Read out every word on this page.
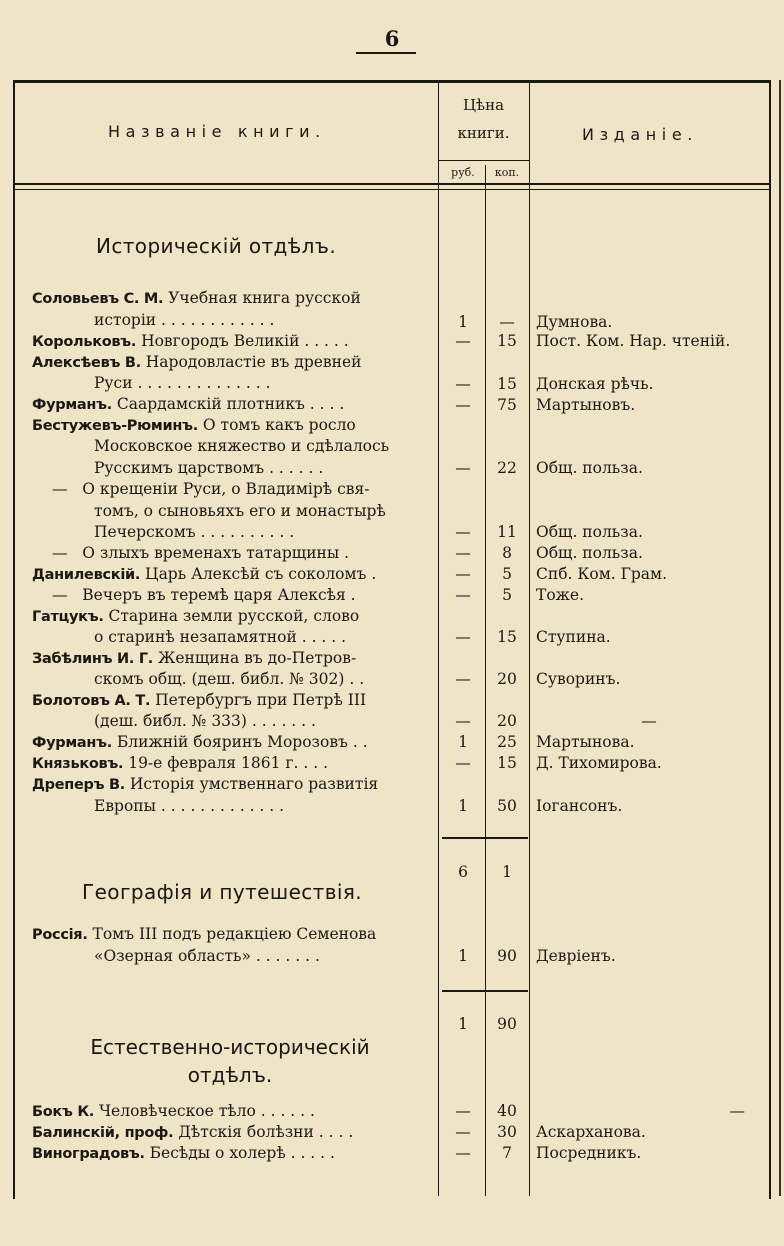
6
Названіе книги.
Цѣна
книги.
руб.	коп.
Изданіе.
Историческій отдѣлъ.
Соловьевъ С. М. Учебная книга русской
исторіи . . . . . . . . . . . .	1	—	Думнова.
Корольковъ. Новгородъ Великій . . . . .	—	15	Пост. Ком. Нар. чтеній.
Алексѣевъ В. Народовластіе въ древней
Руси . . . . . . . . . . . . . .	—	15	Донская рѣчь.
Фурманъ. Саардамскій плотникъ . . . .	—	75	Мартыновъ.
Бестужевъ-Рюминъ. О томъ какъ росло
Московское княжество и сдѣлалось
Русскимъ царствомъ . . . . . .	—	22	Общ. польза.
— О крещеніи Руси, о Владимірѣ свя-
томъ, о сыновьяхъ его и монастырѣ
Печерскомъ . . . . . . . . . .	—	11	Общ. польза.
— О злыхъ временахъ татарщины .	—	8	Общ. польза.
Данилевскій. Царь Алексѣй съ соколомъ .	—	5	Спб. Ком. Грам.
— Вечеръ въ теремѣ царя Алексѣя .	—	5	Тоже.
Гатцукъ. Старина земли русской, слово
о старинѣ незапамятной . . . . .	—	15	Ступина.
Забѣлинъ И. Г. Женщина въ до-Петров-
скомъ общ. (деш. библ. № 302) . .	—	20	Суворинъ.
Болотовъ А. Т. Петербургъ при Петрѣ III
(деш. библ. № 333) . . . . . . .	—	20	—
Фурманъ. Ближній бояринъ Морозовъ . .	1	25	Мартынова.
Князьковъ. 19-е февраля 1861 г. . . .	—	15	Д. Тихомирова.
Дреперъ В. Исторія умственнаго развитія
Европы . . . . . . . . . . . . .	1	50	Іогансонъ.
6	1
Географія и путешествія.
Россія. Томъ III подъ редакціею Семенова
«Озерная область» . . . . . . .	1	90	Девріенъ.
1	90
Естественно-историческій
отдѣлъ.
Бокъ К. Человѣческое тѣло . . . . . .	—	40	—
Балинскій, проф. Дѣтскія болѣзни . . . .	—	30	Аскарханова.
Виноградовъ. Бесѣды о холерѣ . . . . .	—	7	Посредникъ.
